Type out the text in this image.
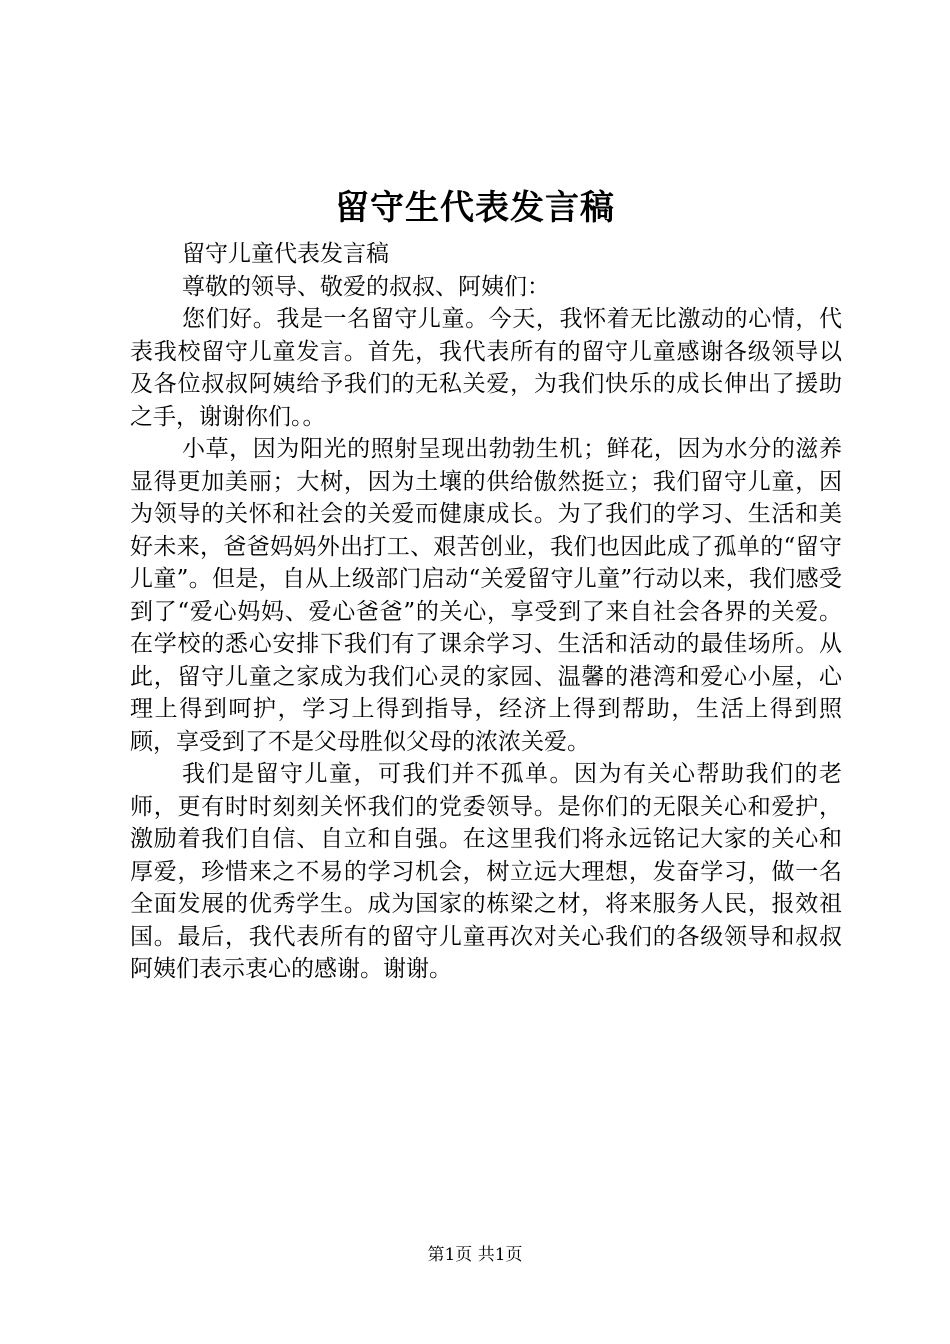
留守生代表发言稿

留守儿童代表发言稿

尊敬的领导、敬爱的叔叔、阿姨们：

您们好。我是一名留守儿童。今天，我怀着无比激动的心情，代表我校留守儿童发言。首先，我代表所有的留守儿童感谢各级领导以及各位叔叔阿姨给予我们的无私关爱，为我们快乐的成长伸出了援助之手，谢谢你们。。

小草，因为阳光的照射呈现出勃勃生机；鲜花，因为水分的滋养显得更加美丽；大树，因为土壤的供给傲然挺立；我们留守儿童，因为领导的关怀和社会的关爱而健康成长。为了我们的学习、生活和美好未来，爸爸妈妈外出打工、艰苦创业，我们也因此成了孤单的“留守儿童”。但是，自从上级部门启动“关爱留守儿童”行动以来，我们感受到了“爱心妈妈、爱心爸爸”的关心，享受到了来自社会各界的关爱。在学校的悉心安排下我们有了课余学习、生活和活动的最佳场所。从此，留守儿童之家成为我们心灵的家园、温馨的港湾和爱心小屋，心理上得到呵护，学习上得到指导，经济上得到帮助，生活上得到照顾，享受到了不是父母胜似父母的浓浓关爱。

我们是留守儿童，可我们并不孤单。因为有关心帮助我们的老师，更有时时刻刻关怀我们的党委领导。是你们的无限关心和爱护，激励着我们自信、自立和自强。在这里我们将永远铭记大家的关心和厚爱，珍惜来之不易的学习机会，树立远大理想，发奋学习，做一名全面发展的优秀学生。成为国家的栋梁之材，将来服务人民，报效祖国。最后，我代表所有的留守儿童再次对关心我们的各级领导和叔叔阿姨们表示衷心的感谢。谢谢。

第1页 共1页
